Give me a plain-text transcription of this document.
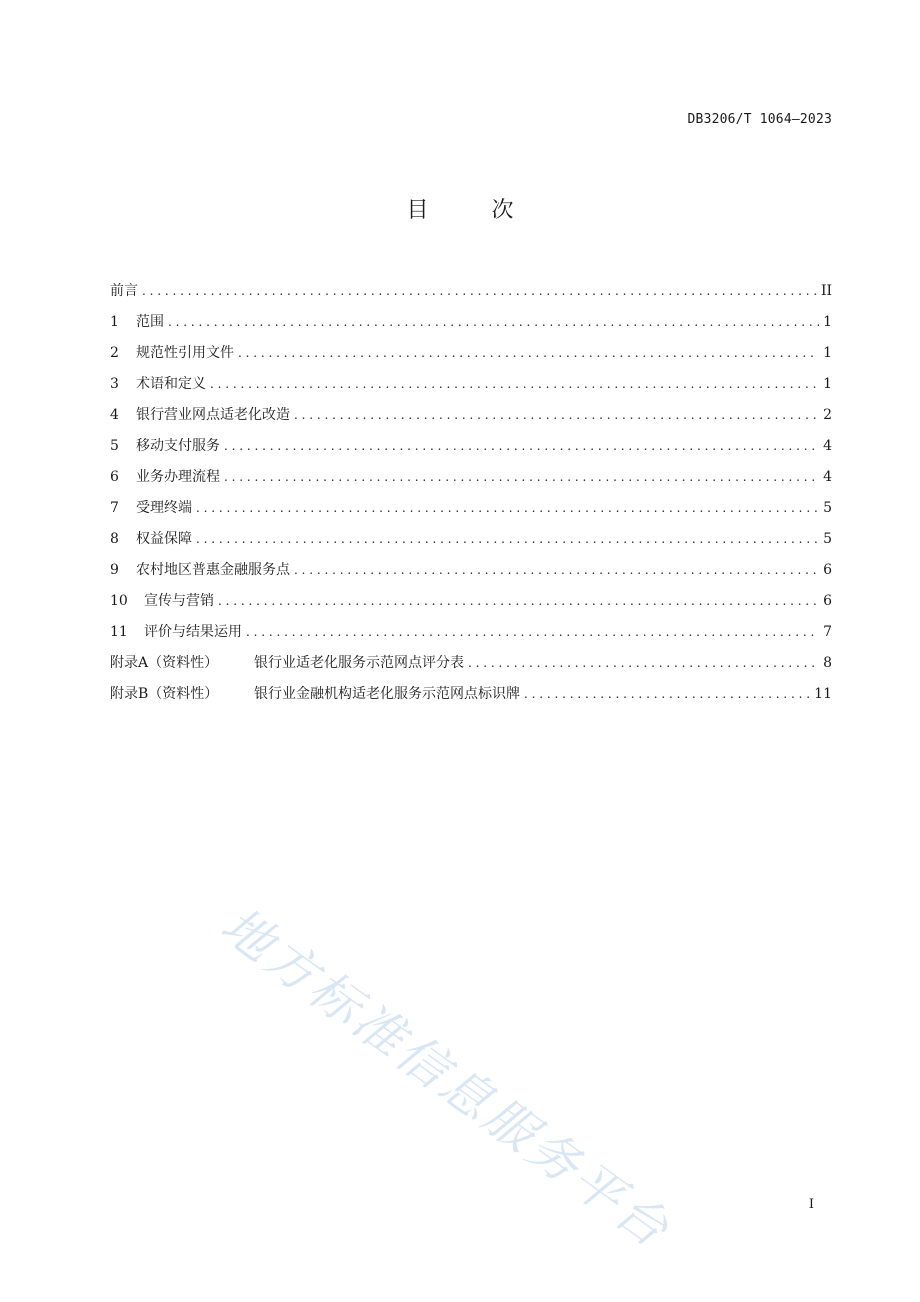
DB3206/T 1064—2023
目 次
前言 . . .	II
1	范围 . . .	1
2	规范性引用文件 . . .	1
3	术语和定义 . . .	1
4	银行营业网点适老化改造 . . .	2
5	移动支付服务 . . .	4
6	业务办理流程 . . .	4
7	受理终端 . . .	5
8	权益保障 . . .	5
9	农村地区普惠金融服务点 . . .	6
10	宣传与营销 . . .	6
11	评价与结果运用 . . .	7
附录A（资料性）	银行业适老化服务示范网点评分表 . . .	8
附录B（资料性）	银行业金融机构适老化服务示范网点标识牌 . . .	11
地方标准信息服务平台	I
